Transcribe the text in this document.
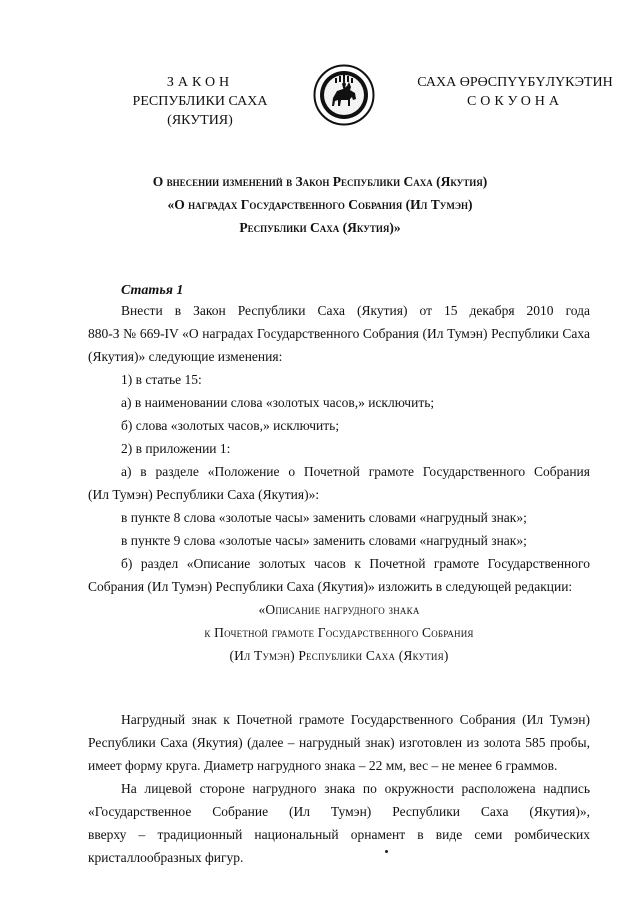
ЗАКОН
РЕСПУБЛИКИ САХА (ЯКУТИЯ)
САХА ӨРӨСПҮҮБҮЛҮКЭТИН
СОКУОНА
О внесении изменений в Закон Республики Саха (Якутия)
«О наградах Государственного Собрания (Ил Тумэн)
Республики Саха (Якутия)»
Статья 1

Внести в Закон Республики Саха (Якутия) от 15 декабря 2010 года

880-З № 669-IV «О наградах Государственного Собрания (Ил Тумэн) Республики Саха

(Якутия)» следующие изменения:

1) в статье 15:

а) в наименовании слова «золотых часов,» исключить;

б) слова «золотых часов,» исключить;

2) в приложении 1:

а) в разделе «Положение о Почетной грамоте Государственного Собрания

(Ил Тумэн) Республики Саха (Якутия)»:

в пункте 8 слова «золотые часы» заменить словами «нагрудный знак»;

в пункте 9 слова «золотые часы» заменить словами «нагрудный знак»;

б) раздел «Описание золотых часов к Почетной грамоте Государственного

Собрания (Ил Тумэн) Республики Саха (Якутия)» изложить в следующей редакции:

«Описание нагрудного знака

к Почетной грамоте Государственного Собрания

(Ил Тумэн) Республики Саха (Якутия)

Нагрудный знак к Почетной грамоте Государственного Собрания (Ил Тумэн)

Республики Саха (Якутия) (далее – нагрудный знак) изготовлен из золота 585 пробы,

имеет форму круга. Диаметр нагрудного знака – 22 мм, вес – не менее 6 граммов.

На лицевой стороне нагрудного знака по окружности расположена надпись

«Государственное Собрание (Ил Тумэн) Республики Саха (Якутия)»,

вверху – традиционный национальный орнамент в виде семи ромбических

кристаллообразных фигур.
